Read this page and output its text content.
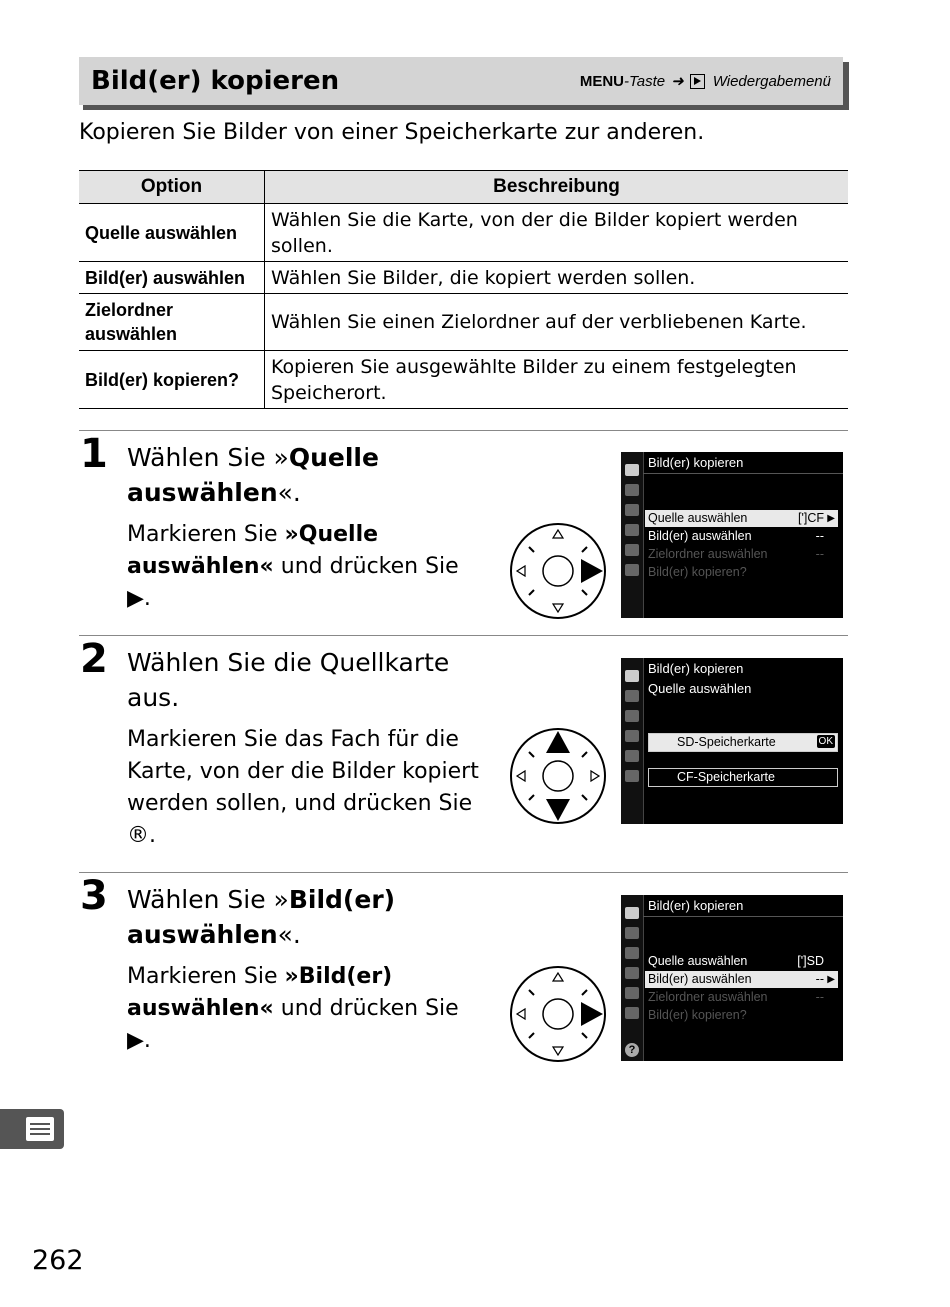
Bild(er) kopieren	MENU-Taste ➜ Wiedergabemenü
Kopieren Sie Bilder von einer Speicherkarte zur anderen.
Option	Beschreibung
Quelle auswählen	Wählen Sie die Karte, von der die Bilder kopiert werden sollen.
Bild(er) auswählen	Wählen Sie Bilder, die kopiert werden sollen.
Zielordner auswählen	Wählen Sie einen Zielordner auf der verbliebenen Karte.
Bild(er) kopieren?	Kopieren Sie ausgewählte Bilder zu einem festgelegten Speicherort.
1 Wählen Sie »Quelle auswählen«.
Markieren Sie »Quelle auswählen« und drücken Sie ▶.
Bild(er) kopieren
Quelle auswählen	[']CF ▶
Bild(er) auswählen	--
Zielordner auswählen	--
Bild(er) kopieren?
2 Wählen Sie die Quellkarte aus.
Markieren Sie das Fach für die Karte, von der die Bilder kopiert werden sollen, und drücken Sie ®.
Bild(er) kopieren
Quelle auswählen
SD-Speicherkarte	OK
CF-Speicherkarte
3 Wählen Sie »Bild(er) auswählen«.
Markieren Sie »Bild(er) auswählen« und drücken Sie ▶.	?
Bild(er) kopieren
Quelle auswählen	[']SD
Bild(er) auswählen	-- ▶
Zielordner auswählen	--
Bild(er) kopieren?
262
